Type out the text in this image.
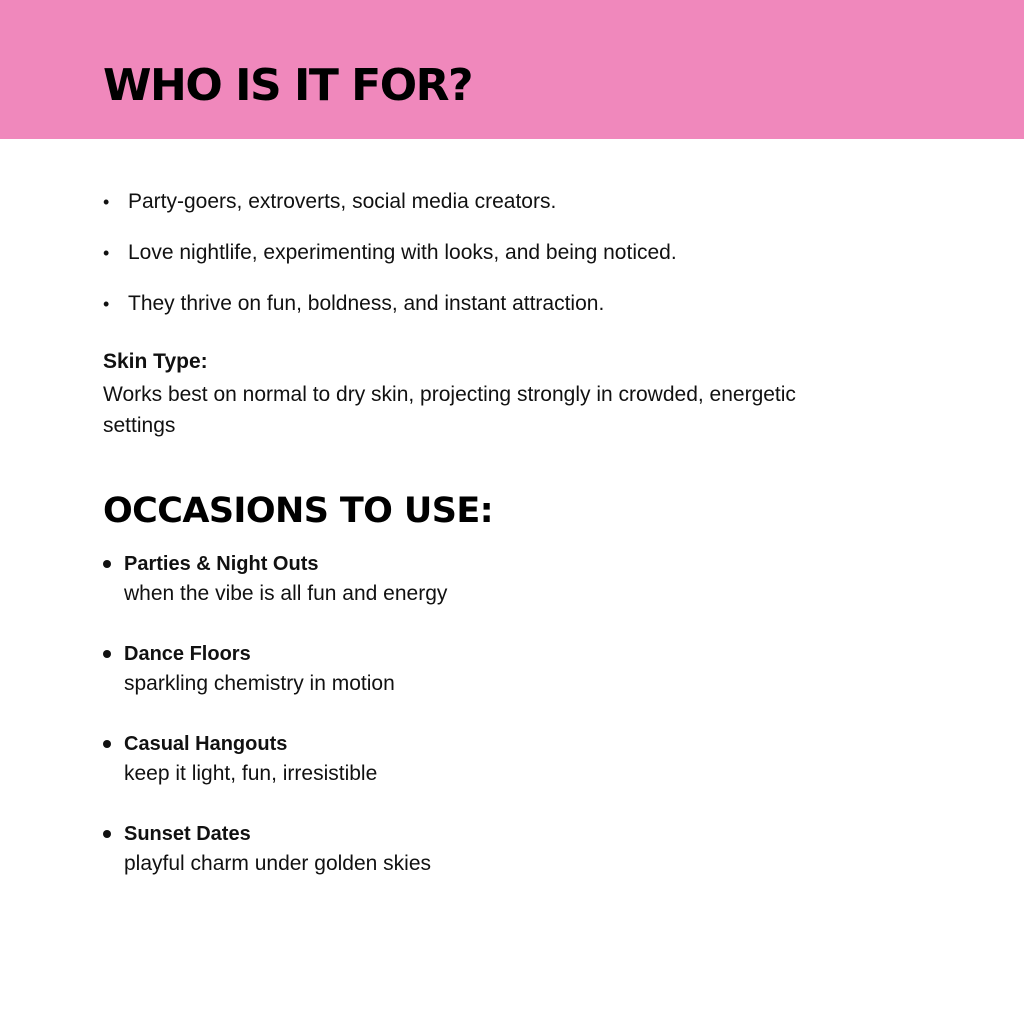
WHO IS IT FOR?
• Party-goers, extroverts, social media creators.
• Love nightlife, experimenting with looks, and being noticed.
• They thrive on fun, boldness, and instant attraction.

Skin Type:

Works best on normal to dry skin, projecting strongly in crowded, energetic settings

OCCASIONS TO USE:
Parties & Night Outs
when the vibe is all fun and energy
Dance Floors
sparkling chemistry in motion
Casual Hangouts
keep it light, fun, irresistible
Sunset Dates
playful charm under golden skies
